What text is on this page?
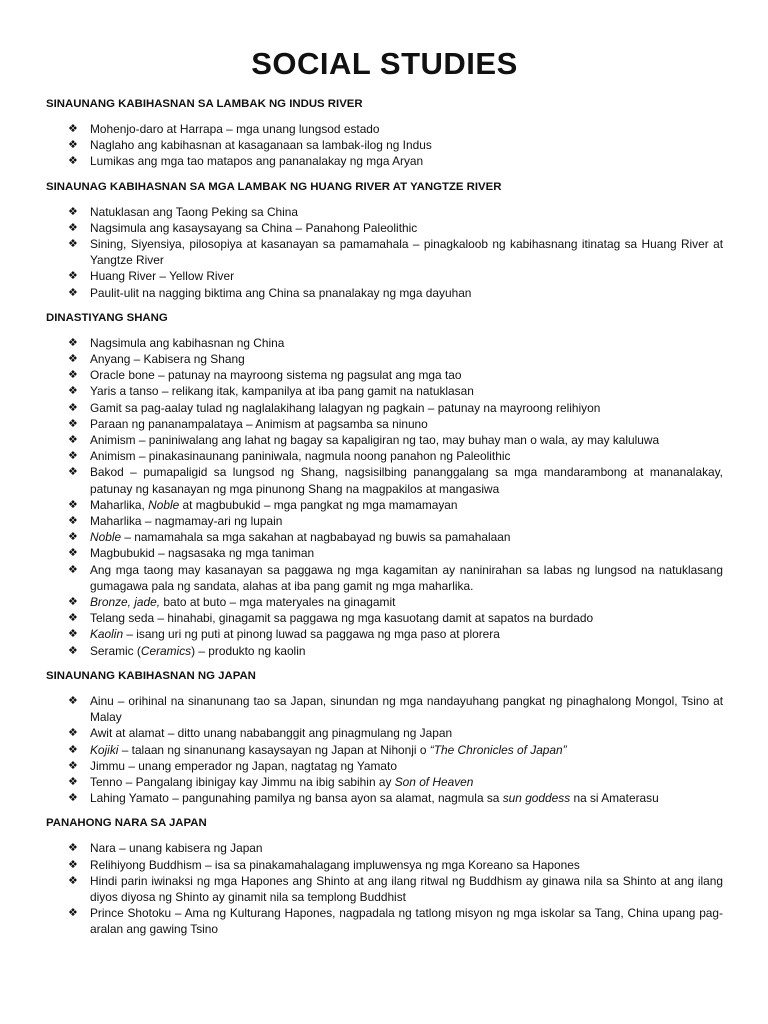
SOCIAL STUDIES
SINAUNANG KABIHASNAN SA LAMBAK NG INDUS RIVER
❖ Mohenjo-daro at Harrapa – mga unang lungsod estado
❖ Naglaho ang kabihasnan at kasaganaan sa lambak-ilog ng Indus
❖ Lumikas ang mga tao matapos ang pananalakay ng mga Aryan
SINAUNAG KABIHASNAN SA MGA LAMBAK NG HUANG RIVER AT YANGTZE RIVER
❖ Natuklasan ang Taong Peking sa China
❖ Nagsimula ang kasaysayang sa China – Panahong Paleolithic
❖ Sining, Siyensiya, pilosopiya at kasanayan sa pamamahala – pinagkaloob ng kabihasnang itinatag sa Huang River at Yangtze River
❖ Huang River – Yellow River
❖ Paulit-ulit na nagging biktima ang China sa pnanalakay ng mga dayuhan
DINASTIYANG SHANG
❖ Nagsimula ang kabihasnan ng China
❖ Anyang – Kabisera ng Shang
❖ Oracle bone – patunay na mayroong sistema ng pagsulat ang mga tao
❖ Yaris a tanso – relikang itak, kampanilya at iba pang gamit na natuklasan
❖ Gamit sa pag-aalay tulad ng naglalakihang lalagyan ng pagkain – patunay na mayroong relihiyon
❖ Paraan ng pananampalataya – Animism at pagsamba sa ninuno
❖ Animism – paniniwalang ang lahat ng bagay sa kapaligiran ng tao, may buhay man o wala, ay may kaluluwa
❖ Animism – pinakasinaunang paniniwala, nagmula noong panahon ng Paleolithic
❖ Bakod – pumapaligid sa lungsod ng Shang, nagsisilbing pananggalang sa mga mandarambong at mananalakay, patunay ng kasanayan ng mga pinunong Shang na magpakilos at mangasiwa
❖ Maharlika, Noble at magbubukid – mga pangkat ng mga mamamayan
❖ Maharlika – nagmamay-ari ng lupain
❖ Noble – namamahala sa mga sakahan at nagbabayad ng buwis sa pamahalaan
❖ Magbubukid – nagsasaka ng mga taniman
❖ Ang mga taong may kasanayan sa paggawa ng mga kagamitan ay naninirahan sa labas ng lungsod na natuklasang gumagawa pala ng sandata, alahas at iba pang gamit ng mga maharlika.
❖ Bronze, jade, bato at buto – mga materyales na ginagamit
❖ Telang seda – hinahabi, ginagamit sa paggawa ng mga kasuotang damit at sapatos na burdado
❖ Kaolin – isang uri ng puti at pinong luwad sa paggawa ng mga paso at plorera
❖ Seramic (Ceramics) – produkto ng kaolin
SINAUNANG KABIHASNAN NG JAPAN
❖ Ainu – orihinal na sinanunang tao sa Japan, sinundan ng mga nandayuhang pangkat ng pinaghalong Mongol, Tsino at Malay
❖ Awit at alamat – ditto unang nababanggit ang pinagmulang ng Japan
❖ Kojiki – talaan ng sinanunang kasaysayan ng Japan at Nihonji o “The Chronicles of Japan”
❖ Jimmu – unang emperador ng Japan, nagtatag ng Yamato
❖ Tenno – Pangalang ibinigay kay Jimmu na ibig sabihin ay Son of Heaven
❖ Lahing Yamato – pangunahing pamilya ng bansa ayon sa alamat, nagmula sa sun goddess na si Amaterasu
PANAHONG NARA SA JAPAN
❖ Nara – unang kabisera ng Japan
❖ Relihiyong Buddhism – isa sa pinakamahalagang impluwensya ng mga Koreano sa Hapones
❖ Hindi parin iwinaksi ng mga Hapones ang Shinto at ang ilang ritwal ng Buddhism ay ginawa nila sa Shinto at ang ilang diyos diyosa ng Shinto ay ginamit nila sa templong Buddhist
❖ Prince Shotoku – Ama ng Kulturang Hapones, nagpadala ng tatlong misyon ng mga iskolar sa Tang, China upang pag-aralan ang gawing Tsino
